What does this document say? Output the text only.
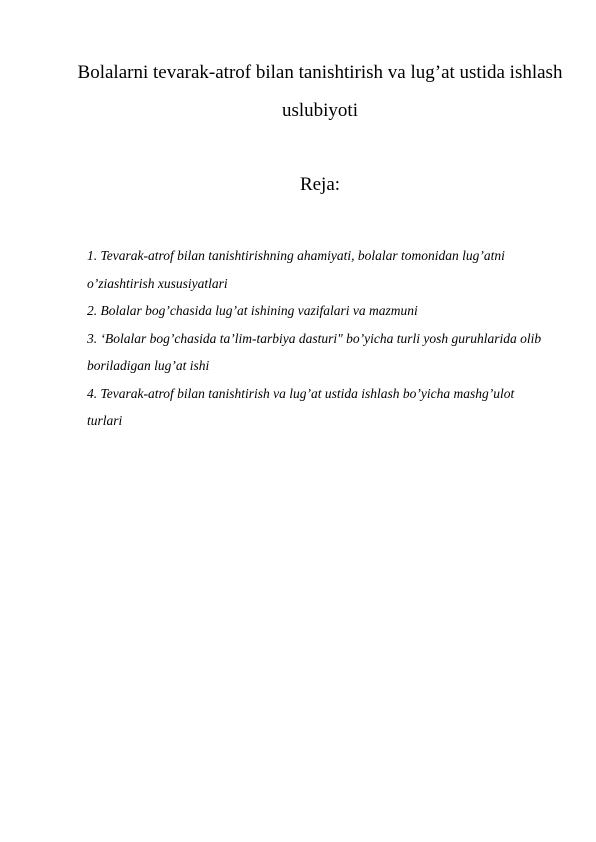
Bolalarni tevarak-atrof bilan tanishtirish va lug’at ustida ishlash uslubiyoti
Reja:
1. Tevarak-atrof bilan tanishtirishning ahamiyati, bolalar tomonidan lug’atni o’ziashtirish xususiyatlari
2. Bolalar bog’chasida lug’at ishining vazifalari va mazmuni
3. ‘Bolalar bog’chasida ta’lim-tarbiya dasturi" bo’yicha turli yosh guruhlarida olib boriladigan lug’at ishi
4. Tevarak-atrof bilan tanishtirish va lug’at ustida ishlash bo’yicha mashg’ulot turlari
